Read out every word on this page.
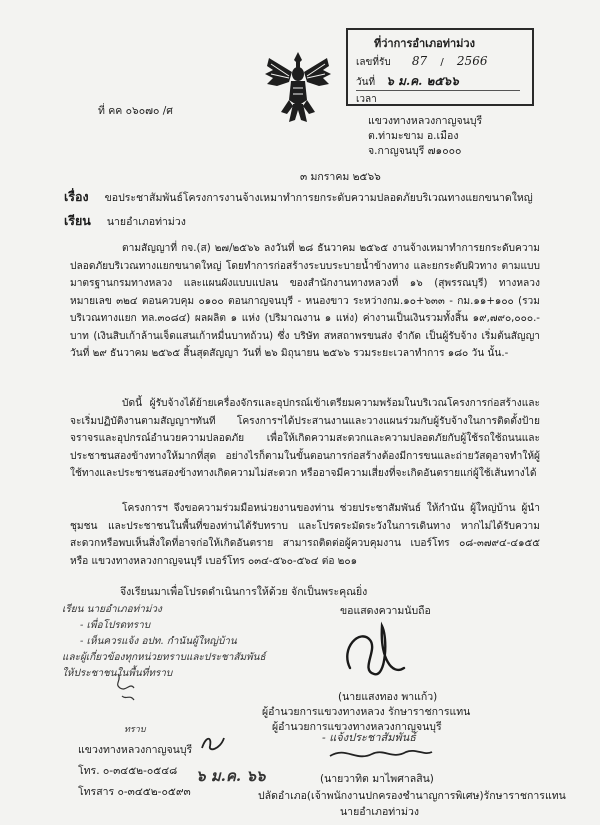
ที่ว่าการอำเภอท่าม่วง
เลขที่รับ 87 / 2566
วันที่ ๖ ม.ค. ๒๕๖๖
เวลา
ที่ คค ๐๖๐๗๐ /ศ
แขวงทางหลวงกาญจนบุรี
ต.ท่ามะขาม อ.เมือง
จ.กาญจนบุรี ๗๑๐๐๐
๓ มกราคม ๒๕๖๖
เรื่อง ขอประชาสัมพันธ์โครงการงานจ้างเหมาทำการยกระดับความปลอดภัยบริเวณทางแยกขนาดใหญ่
เรียน นายอำเภอท่าม่วง
ตามสัญญาที่ กจ.(ส) ๒๗/๒๕๖๖ ลงวันที่ ๒๘ ธันวาคม ๒๕๖๕ งานจ้างเหมาทำการยกระดับความปลอดภัยบริเวณทางแยกขนาดใหญ่ โดยทำการก่อสร้างระบบระบายน้ำข้างทาง และยกระดับผิวทาง ตามแบบมาตรฐานกรมทางหลวง และแผนผังแบบแปลน ของสำนักงานทางหลวงที่ ๑๖ (สุพรรณบุรี) ทางหลวงหมายเลข ๓๒๔ ตอนควบคุม ๐๑๐๐ ตอนกาญจนบุรี - หนองขาว ระหว่างกม.๑๐+๖๓๓ - กม.๑๑+๑๐๐ (รวมบริเวณทางแยก ทล.๓๐๘๔) ผลผลิต ๑ แห่ง (ปริมาณงาน ๑ แห่ง) ค่างานเป็นเงินรวมทั้งสิ้น ๑๙,๗๙๐,๐๐๐.- บาท (เงินสิบเก้าล้านเจ็ดแสนเก้าหมื่นบาทถ้วน) ซึ่ง บริษัท สหสถาพรขนส่ง จำกัด เป็นผู้รับจ้าง เริ่มต้นสัญญา วันที่ ๒๙ ธันวาคม ๒๕๖๕ สิ้นสุดสัญญา วันที่ ๒๖ มิถุนายน ๒๕๖๖ รวมระยะเวลาทำการ ๑๘๐ วัน นั้น.-
บัดนี้ ผู้รับจ้างได้ย้ายเครื่องจักรและอุปกรณ์เข้าเตรียมความพร้อมในบริเวณโครงการก่อสร้างและจะเริ่มปฏิบัติงานตามสัญญาฯทันที โครงการฯได้ประสานงานและวางแผนร่วมกับผู้รับจ้างในการติดตั้งป้ายจราจรและอุปกรณ์อำนวยความปลอดภัย เพื่อให้เกิดความสะดวกและความปลอดภัยกับผู้ใช้รถใช้ถนนและประชาชนสองข้างทางให้มากที่สุด อย่างไรก็ตามในขั้นตอนการก่อสร้างต้องมีการขนและถ่ายวัสดุอาจทำให้ผู้ใช้ทางและประชาชนสองข้างทางเกิดความไม่สะดวก หรืออาจมีความเสี่ยงที่จะเกิดอันตรายแก่ผู้ใช้เส้นทางได้
โครงการฯ จึงขอความร่วมมือหน่วยงานของท่าน ช่วยประชาสัมพันธ์ ให้กำนัน ผู้ใหญ่บ้าน ผู้นำชุมชน และประชาชนในพื้นที่ของท่านได้รับทราบ และโปรดระมัดระวังในการเดินทาง หากไม่ได้รับความสะดวกหรือพบเห็นสิ่งใดที่อาจก่อให้เกิดอันตราย สามารถติดต่อผู้ควบคุมงาน เบอร์โทร ๐๘-๓๗๙๔-๔๑๕๕ หรือ แขวงทางหลวงกาญจนบุรี เบอร์โทร ๐๓๔-๕๖๐-๕๖๔ ต่อ ๒๐๑
จึงเรียนมาเพื่อโปรดดำเนินการให้ด้วย จักเป็นพระคุณยิ่ง
เรียน นายอำเภอท่าม่วง
- เพื่อโปรดทราบ
- เห็นควรแจ้ง อปท. กำนันผู้ใหญ่บ้าน
และผู้เกี่ยวข้องทุกหน่วยทราบและประชาสัมพันธ์
ให้ประชาชนในพื้นที่ทราบ
ขอแสดงความนับถือ
(นายแสงทอง พาแก้ว)
ผู้อำนวยการแขวงทางหลวง รักษาราชการแทน
ผู้อำนวยการแขวงทางหลวงกาญจนบุรี
ทราบ
แขวงทางหลวงกาญจนบุรี
โทร. ๐-๓๔๕๒-๐๕๔๘
โทรสาร ๐-๓๔๕๒-๐๕๙๓
๖ ม.ค. ๖๖
- แจ้งประชาสัมพันธ์
(นายวาทิต มาไพศาลสิน)
ปลัดอำเภอ(เจ้าพนักงานปกครองชำนาญการพิเศษ)รักษาราชการแทน
นายอำเภอท่าม่วง
